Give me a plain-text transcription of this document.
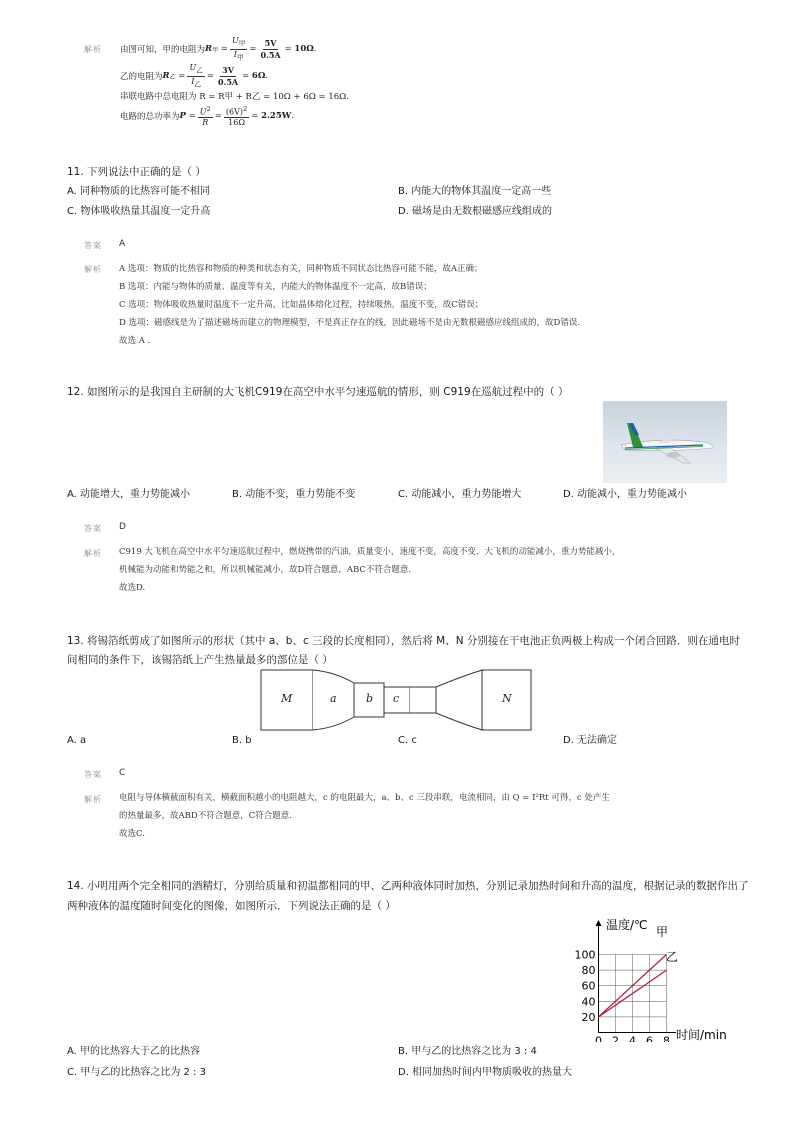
解析 由图可知，甲的电阻为 R 甲 = $\frac{U_甲}{I_甲} = \frac{5V}{0.5A} = 10\Omega$ .
乙的电阻为 R 乙 = $\frac{U_乙}{I_乙} = \frac{3V}{0.5A} = 6\Omega$ .
串联电路中总电阻为 R = R甲 + R乙 = 10Ω + 6Ω = 16Ω.
电路的总功率为 $P = \frac{U^2}{R} = \frac{(6V)^2}{16\Omega} = 2.25W$ .
11. 下列说法中正确的是（ ）
A. 同种物质的比热容可能不相同	B. 内能大的物体其温度一定高一些
C. 物体吸收热量其温度一定升高	D. 磁场是由无数根磁感应线组成的
答案 A
解析 A 选项：物质的比热容和物质的种类和状态有关，同种物质不同状态比热容可能不能，故A正确；
B 选项：内能与物体的质量、温度等有关，内能大的物体温度不一定高，故B错误；
C 选项：物体吸收热量时温度不一定升高，比如晶体熔化过程，持续吸热，温度不变，故C错误；
D 选项：磁感线是为了描述磁场而建立的物理模型，不是真正存在的线，因此磁场不是由无数根磁感应线组成的，故D错误.
故选 A .
12. 如图所示的是我国自主研制的大飞机C919在高空中水平匀速巡航的情形，则 C919在巡航过程中的（ ）
A. 动能增大，重力势能减小	B. 动能不变，重力势能不变	C. 动能减小，重力势能增大	D. 动能减小，重力势能减小
答案 D
解析 C919 大飞机在高空中水平匀速巡航过程中，燃烧携带的汽油，质量变小，速度不变，高度不变，大飞机的动能减小，重力势能减小，
机械能为动能和势能之和，所以机械能减小，故D符合题意，ABC不符合题意.
故选D.
13. 将锡箔纸剪成了如图所示的形状（其中 a、b、c 三段的长度相同），然后将 M、N 分别接在干电池正负两极上构成一个闭合回路．则在通电时
间相同的条件下，该锡箔纸上产生热量最多的部位是（ ）
M	a	b c	N
A. a	B. b	C. c	D. 无法确定
答案 C
解析 电阻与导体横截面积有关，横截面积越小的电阻越大，c 的电阻最大，a、b、c 三段串联，电流相同，由 Q = I²Rt 可得，c 处产生
的热量最多，故ABD不符合题意，C符合题意.
故选C.
14. 小明用两个完全相同的酒精灯，分别给质量和初温都相同的甲、乙两种液体同时加热，分别记录加热时间和升高的温度，根据记录的数据作出了
两种液体的温度随时间变化的图像，如图所示．下列说法正确的是（ ）
20
40
60
80
100
0 2 4 6 8
温度/℃ 甲
乙
时间/min
A. 甲的比热容大于乙的比热容	B. 甲与乙的比热容之比为 3 : 4
C. 甲与乙的比热容之比为 2 : 3	D. 相同加热时间内甲物质吸收的热量大
